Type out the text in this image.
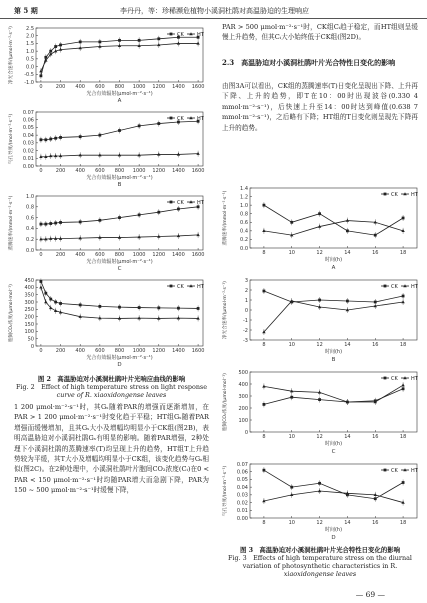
第 5 期	李丹丹，等：珍稀濒危植物小溪洞杜鹃对高温胁迫的生理响应
-1.0
-0.5
0.0
0.5
1.0
1.5
2.0
2.5
0	200 400 600 800 1000 1200 1400 1600
光合有效辐射(μmol·m⁻²·s⁻¹)
A
净光合速率/(μmol·m⁻²·s⁻¹)	CK	HT
0.00
0.01
0.02
0.03
0.04
0.05
0.06
0.07
0	200 400 600 800 1000 1200 1400 1600
光合有效辐射(μmol·m⁻²·s⁻¹)
B
气孔导度/(mol·m⁻²·s⁻¹)	CK	HT
0.0
0.2
0.4
0.6
0.8
1.0
0	200 400 600 800 1000 1200 1400 1600
光合有效辐射(μmol·m⁻²·s⁻¹)
C
蒸腾速率/(mmol·m⁻²·s⁻¹)	CK	HT
0
50
100
150
200
250
300
350
400
450
0	200 400 600 800 1000 1200 1400 1600
光合有效辐射(μmol·m⁻²·s⁻¹)
D
胞间CO₂浓度/(μmol·mol⁻¹)	CK	HT
图 2　高温胁迫对小溪洞杜鹃叶片光响应曲线的影响
Fig. 2　Effect of high temperature stress on light response
curve of R. xiaoxidongense leaves
1 200 μmol·m⁻²·s⁻¹时，其Gₛ随着PAR的增强而逐渐增加，在PAR > 1 200 μmol·m⁻²·s⁻¹时变化趋于平稳；HT组Gₛ随着PAR增强而缓慢增加，且其Gₛ大小及增幅均明显小于CK组(图2B)，表明高温胁迫对小溪洞杜鹃Gₛ有明显的影响。随着PAR增强，2种处理下小溪洞杜鹃的蒸腾速率(T)均呈现上升的趋势，HT组T上升趋势较为平缓，其T大小及增幅均明显小于CK组，该变化趋势与Gₛ相似(图2C)。在2种处理中，小溪洞杜鹃叶片胞间CO₂浓度(Cᵢ)在0 < PAR < 150 μmol·m⁻²·s⁻¹时均随PAR增大而急剧下降，PAR为150 ~ 500 μmol·m⁻²·s⁻¹时缓慢下降，
PAR > 500 μmol·m⁻²·s⁻¹时，CK组Cᵢ趋于稳定，而HT组则呈缓慢上升趋势，但其Cᵢ大小始终低于CK组(图2D)。
2.3　高温胁迫对小溪洞杜鹃叶片光合特性日变化的影响
由图3A可以看出，CK组的蒸腾速率(T)日变化呈现出下降、上升再下降、上升的趋势，即T在10：00时出现波谷(0.330 4 mmol·m⁻²·s⁻¹)，后快速上升至14：00时达到峰值(0.638 7 mmol·m⁻²·s⁻¹)，之后略有下降；HT组的T日变化则呈现先下降再上升的趋势。
0.0
0.2
0.4
0.6
0.8
1.0
1.2
1.4
8	10	12	14	16	18
时间(h)
A
蒸腾速率/(mmol·m⁻²·s⁻¹)	CK	HT
-3
-2
-1
0
1
2
3
8	10	12	14	16	18
时间(h)
B
净光合速率/(μmol·m⁻²·s⁻¹)	CK	HT
0
100
200
300
400
500
8	10	12	14	16	18
时间(h)
C
胞间CO₂浓度/(μmol·mol⁻¹)	CK	HT
0.00
0.01
0.02
0.03
0.04
0.05
0.06
0.07
8	10	12	14	16	18
时间(h)
D
气孔导度/(mol·m⁻²·s⁻¹)	CK	HT
图 3　高温胁迫对小溪洞杜鹃叶片光合特性日变化的影响
Fig. 3　Effects of high temperature stress on the diurnal
variation of photosynthetic characteristics in R.
xiaoxidongense leaves
— 69 —
